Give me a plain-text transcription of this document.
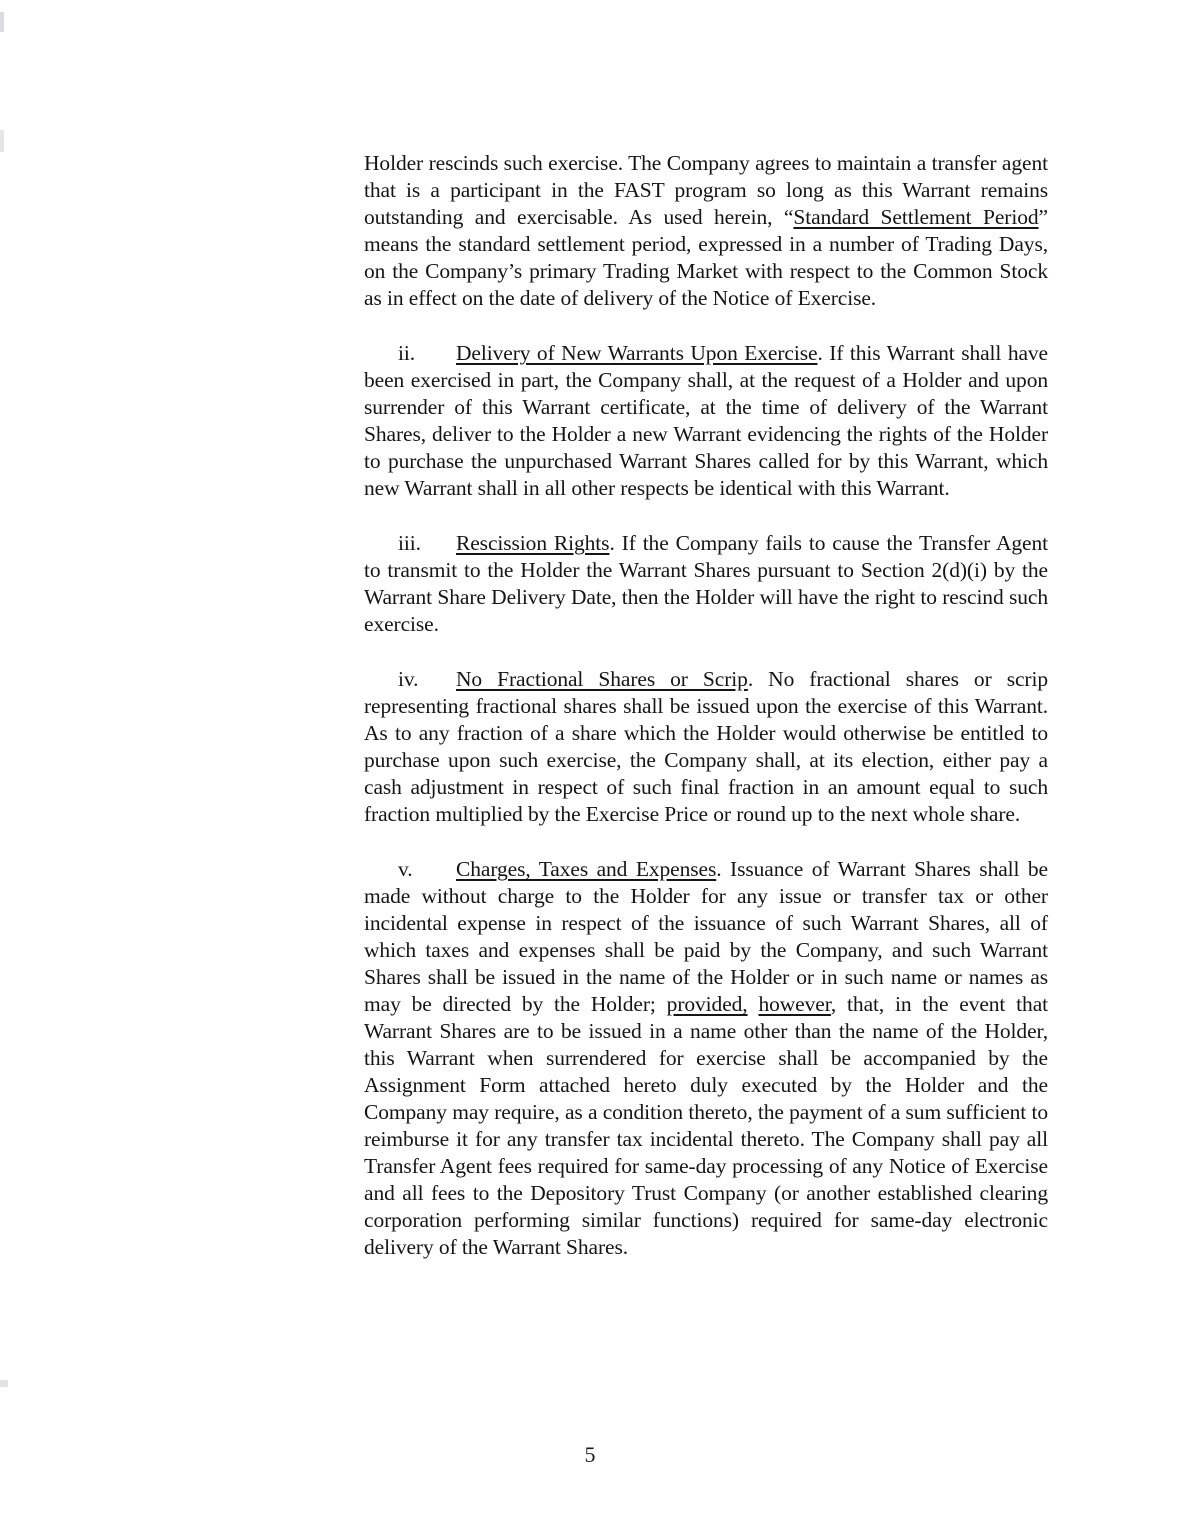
Holder rescinds such exercise. The Company agrees to maintain a transfer agent that is a participant in the FAST program so long as this Warrant remains outstanding and exercisable. As used herein, “Standard Settlement Period” means the standard settlement period, expressed in a number of Trading Days, on the Company’s primary Trading Market with respect to the Common Stock as in effect on the date of delivery of the Notice of Exercise.

ii. Delivery of New Warrants Upon Exercise. If this Warrant shall have been exercised in part, the Company shall, at the request of a Holder and upon surrender of this Warrant certificate, at the time of delivery of the Warrant Shares, deliver to the Holder a new Warrant evidencing the rights of the Holder to purchase the unpurchased Warrant Shares called for by this Warrant, which new Warrant shall in all other respects be identical with this Warrant.

iii. Rescission Rights. If the Company fails to cause the Transfer Agent to transmit to the Holder the Warrant Shares pursuant to Section 2(d)(i) by the Warrant Share Delivery Date, then the Holder will have the right to rescind such exercise.

iv. No Fractional Shares or Scrip. No fractional shares or scrip representing fractional shares shall be issued upon the exercise of this Warrant. As to any fraction of a share which the Holder would otherwise be entitled to purchase upon such exercise, the Company shall, at its election, either pay a cash adjustment in respect of such final fraction in an amount equal to such fraction multiplied by the Exercise Price or round up to the next whole share.

v. Charges, Taxes and Expenses. Issuance of Warrant Shares shall be made without charge to the Holder for any issue or transfer tax or other incidental expense in respect of the issuance of such Warrant Shares, all of which taxes and expenses shall be paid by the Company, and such Warrant Shares shall be issued in the name of the Holder or in such name or names as may be directed by the Holder; provided, however, that, in the event that Warrant Shares are to be issued in a name other than the name of the Holder, this Warrant when surrendered for exercise shall be accompanied by the Assignment Form attached hereto duly executed by the Holder and the Company may require, as a condition thereto, the payment of a sum sufficient to reimburse it for any transfer tax incidental thereto. The Company shall pay all Transfer Agent fees required for same-day processing of any Notice of Exercise and all fees to the Depository Trust Company (or another established clearing corporation performing similar functions) required for same-day electronic delivery of the Warrant Shares.

5
